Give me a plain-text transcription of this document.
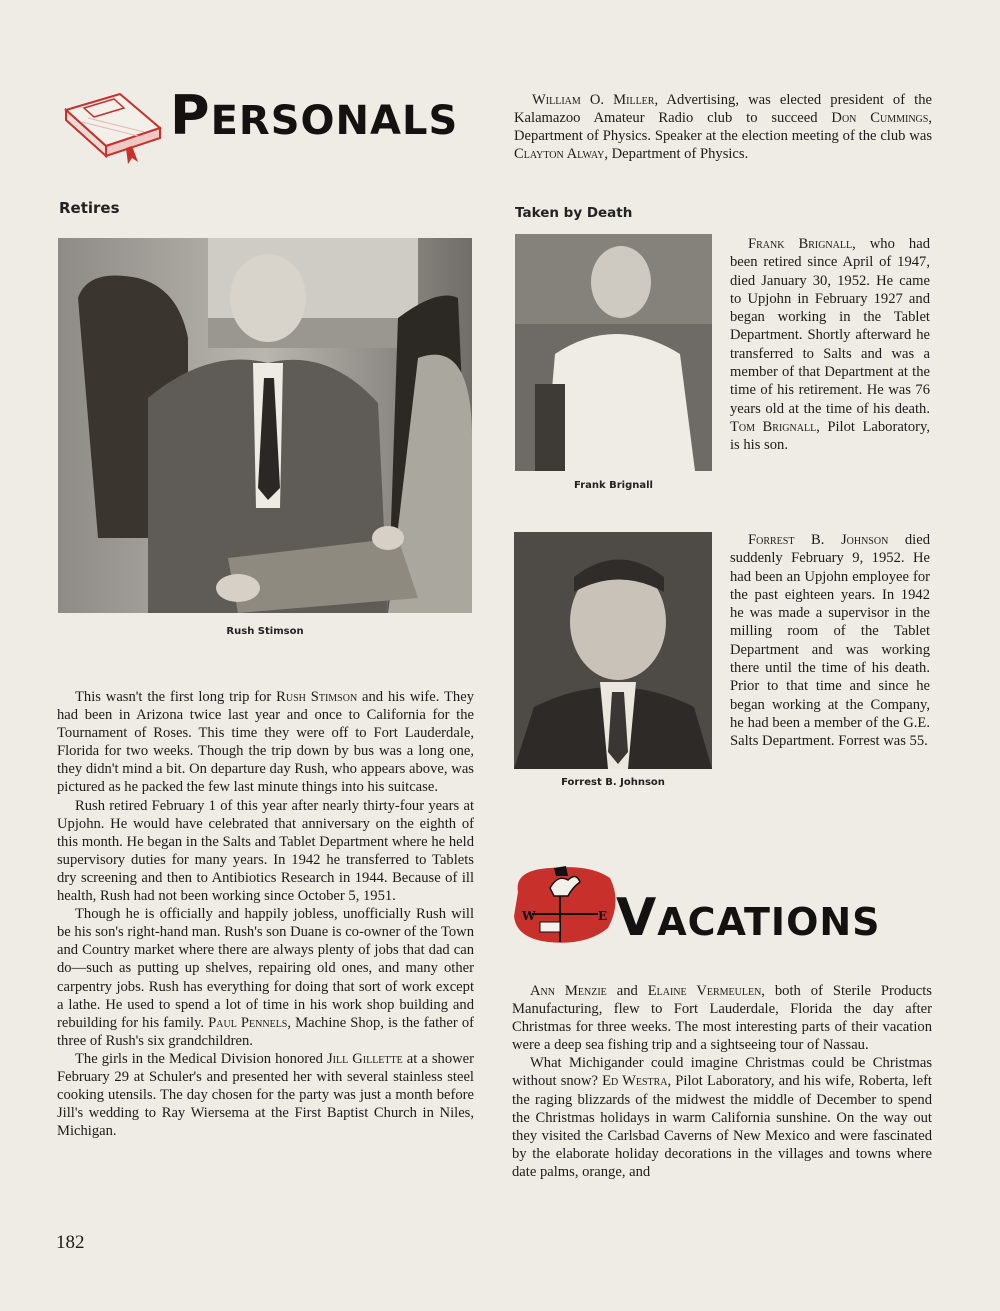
PERSONALS	William O. Miller, Advertising, was elected president of the Kalamazoo Amateur Radio club to succeed Don Cummings, Department of Physics. Speaker at the election meeting of the club was Clayton Alway, Department of Physics.

Retires
Rush Stimson

This wasn't the first long trip for Rush Stimson and his wife. They had been in Arizona twice last year and once to California for the Tournament of Roses. This time they were off to Fort Lauderdale, Florida for two weeks. Though the trip down by bus was a long one, they didn't mind a bit. On departure day Rush, who appears above, was pictured as he packed the few last minute things into his suitcase.

Rush retired February 1 of this year after nearly thirty-four years at Upjohn. He would have celebrated that anniversary on the eighth of this month. He began in the Salts and Tablet Department where he held supervisory duties for many years. In 1942 he transferred to Tablets dry screening and then to Antibiotics Research in 1944. Because of ill health, Rush had not been working since October 5, 1951.

Though he is officially and happily jobless, unofficially Rush will be his son's right-hand man. Rush's son Duane is co-owner of the Town and Country market where there are always plenty of jobs that dad can do—such as putting up shelves, repairing old ones, and many other carpentry jobs. Rush has everything for doing that sort of work except a lathe. He used to spend a lot of time in his work shop building and rebuilding for his family. Paul Pennels, Machine Shop, is the father of three of Rush's six grandchildren.

The girls in the Medical Division honored Jill Gillette at a shower February 29 at Schuler's and presented her with several stainless steel cooking utensils. The day chosen for the party was just a month before Jill's wedding to Ray Wiersema at the First Baptist Church in Niles, Michigan.

182
Taken by Death
Frank Brignall

Frank Brignall, who had been retired since April of 1947, died January 30, 1952. He came to Upjohn in February 1927 and began working in the Tablet Department. Shortly afterward he transferred to Salts and was a member of that Department at the time of his retirement. He was 76 years old at the time of his death. Tom Brignall, Pilot Laboratory, is his son.

Forrest B. Johnson

Forrest B. Johnson died suddenly February 9, 1952. He had been an Upjohn employee for the past eighteen years. In 1942 he was made a supervisor in the milling room of the Tablet Department and was working there until the time of his death. Prior to that time and since he began working at the Company, he had been a member of the G.E. Salts Department. Forrest was 55.

W	E VACATIONS

Ann Menzie and Elaine Vermeulen, both of Sterile Products Manufacturing, flew to Fort Lauderdale, Florida the day after Christmas for three weeks. The most interesting parts of their vacation were a deep sea fishing trip and a sightseeing tour of Nassau.

What Michigander could imagine Christmas could be Christmas without snow? Ed Westra, Pilot Laboratory, and his wife, Roberta, left the raging blizzards of the midwest the middle of December to spend the Christmas holidays in warm California sunshine. On the way out they visited the Carlsbad Caverns of New Mexico and were fascinated by the elaborate holiday decorations in the villages and towns where date palms, orange, and
